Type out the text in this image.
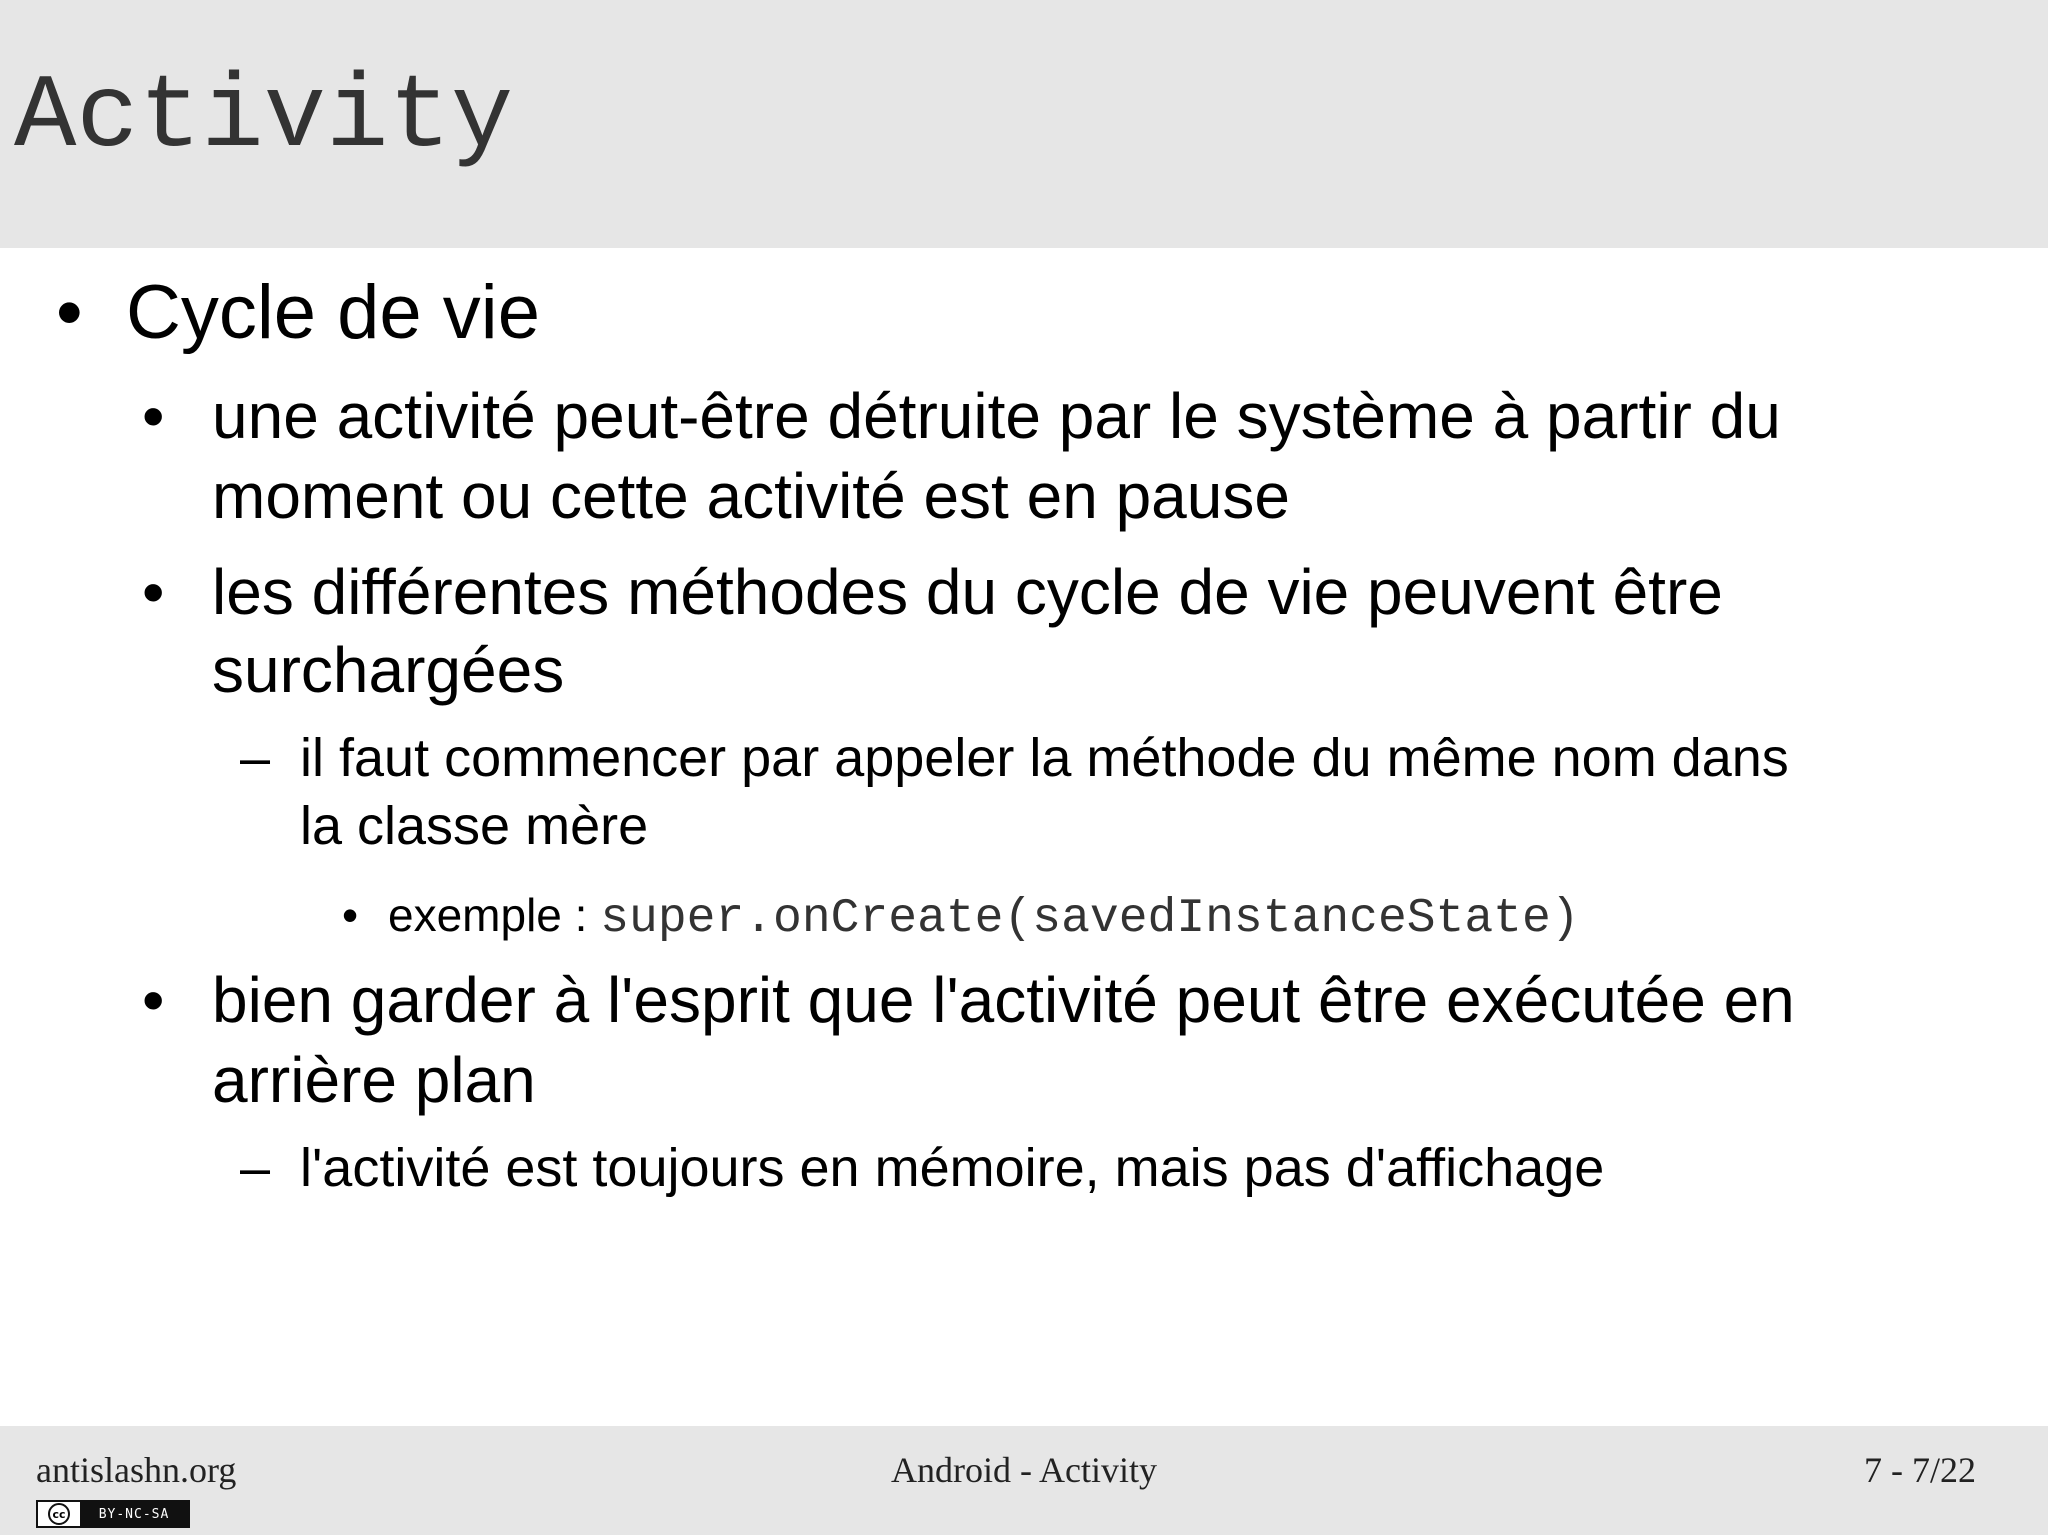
Activity
• Cycle de vie
• une activité peut-être détruite par le système à partir du
moment ou cette activité est en pause
• les différentes méthodes du cycle de vie peuvent être
surchargées
– il faut commencer par appeler la méthode du même nom dans
la classe mère
• exemple : super.onCreate(savedInstanceState)
• bien garder à l'esprit que l'activité peut être exécutée en
arrière plan
– l'activité est toujours en mémoire, mais pas d'affichage
antislashn.org	Android - Activity	7 - 7/22
cc	BY-NC-SA
